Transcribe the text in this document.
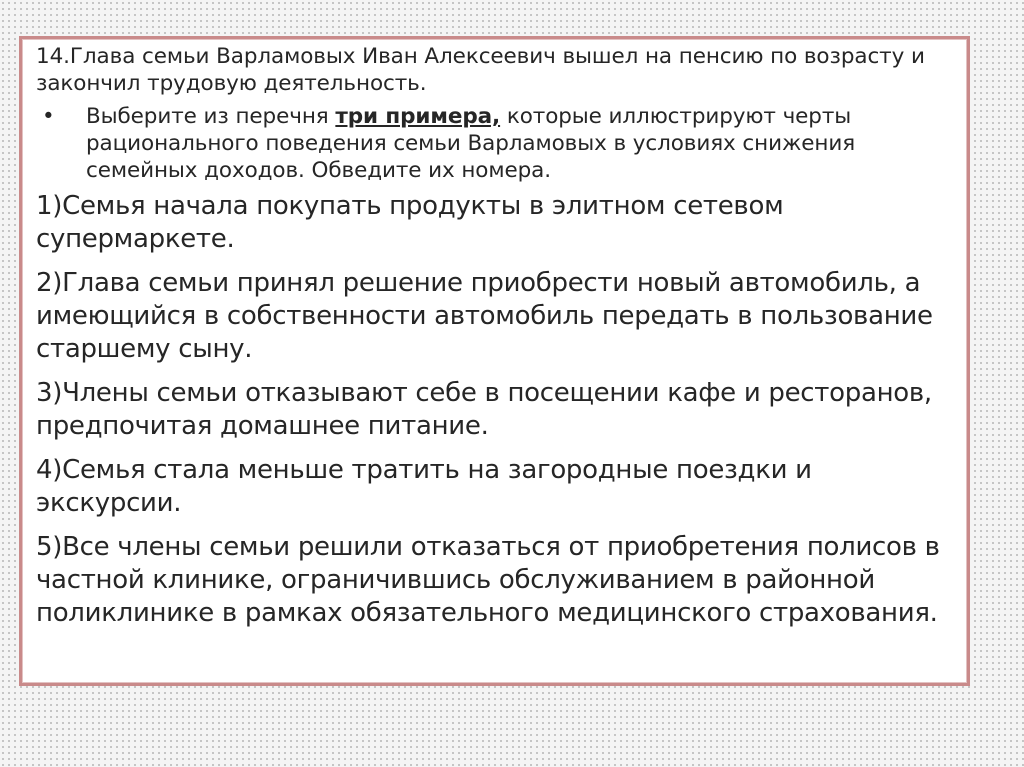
14.Глава семьи Варламовых Иван Алексеевич вышел на пенсию по возрасту и закончил трудовую деятельность.

•	Выберите из перечня три примера, которые иллюстрируют черты рационального поведения семьи Варламовых в условиях снижения семейных доходов. Обведите их номера.

1)Семья начала покупать продукты в элитном сетевом супермаркете.

2)Глава семьи принял решение приобрести новый автомобиль, а имеющийся в собственности автомобиль передать в пользование старшему сыну.

3)Члены семьи отказывают себе в посещении кафе и ресторанов, предпочитая домашнее питание.

4)Семья стала меньше тратить на загородные поездки и экскурсии.

5)Все члены семьи решили отказаться от приобретения полисов в частной клинике, ограничившись обслуживанием в районной поликлинике в рамках обязательного медицинского страхования.
